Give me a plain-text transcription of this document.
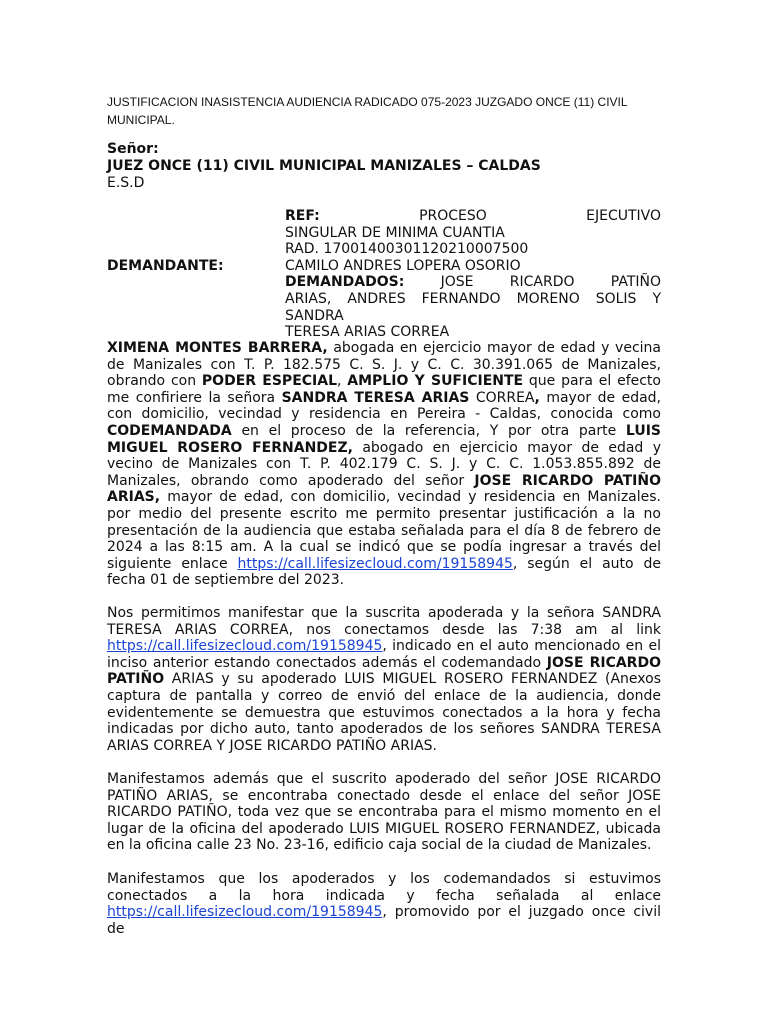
JUSTIFICACION INASISTENCIA AUDIENCIA RADICADO 075-2023 JUZGADO ONCE (11) CIVIL MUNICIPAL.
Señor:
JUEZ ONCE (11) CIVIL MUNICIPAL MANIZALES – CALDAS
E.S.D
REF:	PROCESO EJECUTIVO
SINGULAR DE MINIMA CUANTIA
RAD. 17001400301120210007500
DEMANDANTE:	CAMILO ANDRES LOPERA OSORIO
DEMANDADOS:	JOSE RICARDO PATIÑO
ARIAS, ANDRES FERNANDO MORENO SOLIS Y SANDRA
TERESA ARIAS CORREA
XIMENA MONTES BARRERA, abogada en ejercicio mayor de edad y vecina de Manizales con T. P. 182.575 C. S. J. y C. C. 30.391.065 de Manizales, obrando con PODER ESPECIAL, AMPLIO Y SUFICIENTE que para el efecto me confiriere la señora SANDRA TERESA ARIAS CORREA, mayor de edad, con domicilio, vecindad y residencia en Pereira - Caldas, conocida como CODEMANDADA en el proceso de la referencia, Y por otra parte LUIS MIGUEL ROSERO FERNANDEZ, abogado en ejercicio mayor de edad y vecino de Manizales con T. P. 402.179 C. S. J. y C. C. 1.053.855.892 de Manizales, obrando como apoderado del señor JOSE RICARDO PATIÑO ARIAS, mayor de edad, con domicilio, vecindad y residencia en Manizales. por medio del presente escrito me permito presentar justificación a la no presentación de la audiencia que estaba señalada para el día 8 de febrero de 2024 a las 8:15 am. A la cual se indicó que se podía ingresar a través del siguiente enlace https://call.lifesizecloud.com/19158945, según el auto de fecha 01 de septiembre del 2023.
Nos permitimos manifestar que la suscrita apoderada y la señora SANDRA TERESA ARIAS CORREA, nos conectamos desde las 7:38 am al link https://call.lifesizecloud.com/19158945, indicado en el auto mencionado en el inciso anterior estando conectados además el codemandado JOSE RICARDO PATIÑO ARIAS y su apoderado LUIS MIGUEL ROSERO FERNANDEZ (Anexos captura de pantalla y correo de envió del enlace de la audiencia, donde evidentemente se demuestra que estuvimos conectados a la hora y fecha indicadas por dicho auto, tanto apoderados de los señores SANDRA TERESA ARIAS CORREA Y JOSE RICARDO PATIÑO ARIAS.
Manifestamos además que el suscrito apoderado del señor JOSE RICARDO PATIÑO ARIAS, se encontraba conectado desde el enlace del señor JOSE RICARDO PATIÑO, toda vez que se encontraba para el mismo momento en el lugar de la oficina del apoderado LUIS MIGUEL ROSERO FERNANDEZ, ubicada en la oficina calle 23 No. 23-16, edificio caja social de la ciudad de Manizales.
Manifestamos que los apoderados y los codemandados si estuvimos conectados a la hora indicada y fecha señalada al enlace https://call.lifesizecloud.com/19158945, promovido por el juzgado once civil de
